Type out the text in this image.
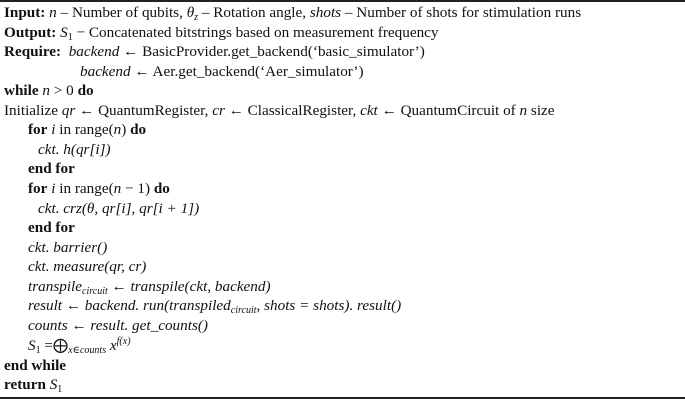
Input: n – Number of qubits, $\theta_z$ – Rotation angle, shots – Number of shots for stimulation runs
Output: $S_1$ − Concatenated bitstrings based on measurement frequency
Require: backend ← BasicProvider.get_backend(‘basic_simulator’)
backend ← Aer.get_backend(‘Aer_simulator’)
while n > 0 do
Initialize qr ← QuantumRegister, cr ← ClassicalRegister, ckt ← QuantumCircuit of n size
for i in range(n) do
ckt. h(qr[i])
end for
for i in range(n − 1) do
ckt. crz(θ, qr[i], qr[i + 1])
end for
ckt. barrier()
ckt. measure(qr, cr)
transpile$_{circuit}$ ← transpile(ckt, backend)
result ← backend. run(transpiled$_{circuit}$, shots = shots). result()
counts ← result. get_counts()
$S_1$ $=⨁_{x\in counts}$ $x^{f(x)}$
end while
return $S_1$
